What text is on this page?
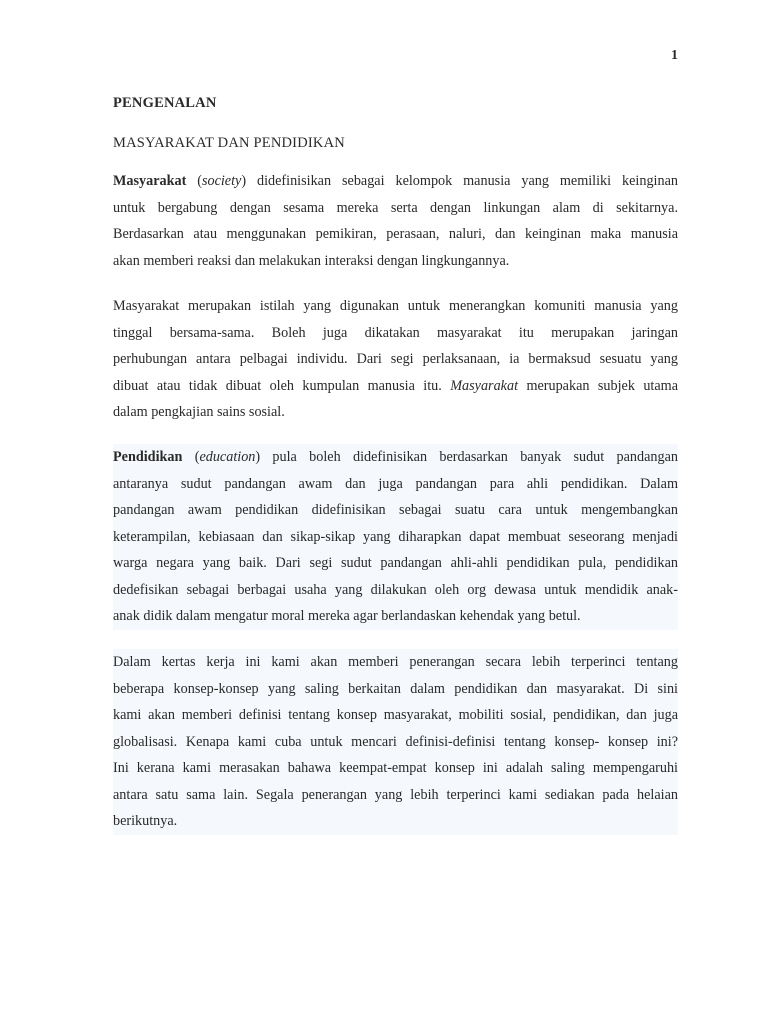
1
PENGENALAN
MASYARAKAT DAN PENDIDIKAN
Masyarakat (society) didefinisikan sebagai kelompok manusia yang memiliki keinginan
untuk bergabung dengan sesama mereka serta dengan linkungan alam di sekitarnya.
Berdasarkan atau menggunakan pemikiran, perasaan, naluri, dan keinginan maka manusia
akan memberi reaksi dan melakukan interaksi dengan lingkungannya.
Masyarakat merupakan istilah yang digunakan untuk menerangkan komuniti manusia yang
tinggal bersama-sama. Boleh juga dikatakan masyarakat itu merupakan jaringan
perhubungan antara pelbagai individu. Dari segi perlaksanaan, ia bermaksud sesuatu yang
dibuat atau tidak dibuat oleh kumpulan manusia itu. Masyarakat merupakan subjek utama
dalam pengkajian sains sosial.
Pendidikan (education) pula boleh didefinisikan berdasarkan banyak sudut pandangan
antaranya sudut pandangan awam dan juga pandangan para ahli pendidikan. Dalam
pandangan awam pendidikan didefinisikan sebagai suatu cara untuk mengembangkan
keterampilan, kebiasaan dan sikap-sikap yang diharapkan dapat membuat seseorang menjadi
warga negara yang baik. Dari segi sudut pandangan ahli-ahli pendidikan pula, pendidikan
dedefisikan sebagai berbagai usaha yang dilakukan oleh org dewasa untuk mendidik anak-
anak didik dalam mengatur moral mereka agar berlandaskan kehendak yang betul.
Dalam kertas kerja ini kami akan memberi penerangan secara lebih terperinci tentang
beberapa konsep-konsep yang saling berkaitan dalam pendidikan dan masyarakat. Di sini
kami akan memberi definisi tentang konsep masyarakat, mobiliti sosial, pendidikan, dan juga
globalisasi. Kenapa kami cuba untuk mencari definisi-definisi tentang konsep- konsep ini?
Ini kerana kami merasakan bahawa keempat-empat konsep ini adalah saling mempengaruhi
antara satu sama lain. Segala penerangan yang lebih terperinci kami sediakan pada helaian
berikutnya.
